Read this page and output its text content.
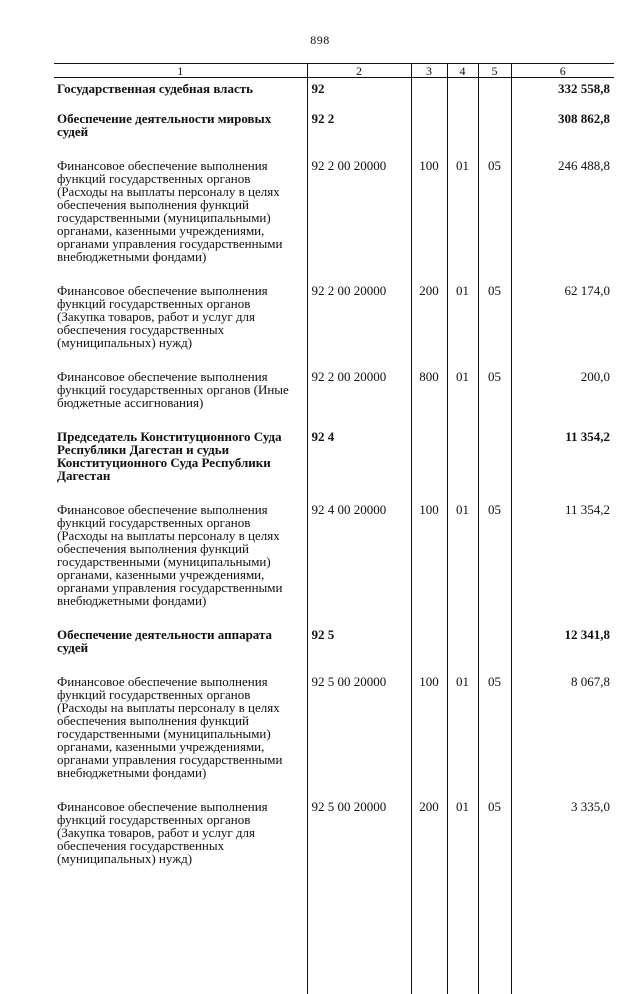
898
1	2	3	4	5	6
Государственная судебная власть	92				332 558,8
Обеспечение деятельности мировых судей	92 2				308 862,8
Финансовое обеспечение выполнения функций государственных органов (Расходы на выплаты персоналу в целях обеспечения выполнения функций государственными (муниципальными) органами, казенными учреждениями, органами управления государственными внебюджетными фондами)	92 2 00 20000	100	01	05	246 488,8
Финансовое обеспечение выполнения функций государственных органов (Закупка товаров, работ и услуг для обеспечения государственных (муниципальных) нужд)	92 2 00 20000	200	01	05	62 174,0
Финансовое обеспечение выполнения функций государственных органов (Иные бюджетные ассигнования)	92 2 00 20000	800	01	05	200,0
Председатель Конституционного Суда Республики Дагестан и судьи Конституционного Суда Республики Дагестан	92 4				11 354,2
Финансовое обеспечение выполнения функций государственных органов (Расходы на выплаты персоналу в целях обеспечения выполнения функций государственными (муниципальными) органами, казенными учреждениями, органами управления государственными внебюджетными фондами)	92 4 00 20000	100	01	05	11 354,2
Обеспечение деятельности аппарата судей	92 5				12 341,8
Финансовое обеспечение выполнения функций государственных органов (Расходы на выплаты персоналу в целях обеспечения выполнения функций государственными (муниципальными) органами, казенными учреждениями, органами управления государственными внебюджетными фондами)	92 5 00 20000	100	01	05	8 067,8
Финансовое обеспечение выполнения функций государственных органов (Закупка товаров, работ и услуг для обеспечения государственных (муниципальных) нужд)	92 5 00 20000	200	01	05	3 335,0
